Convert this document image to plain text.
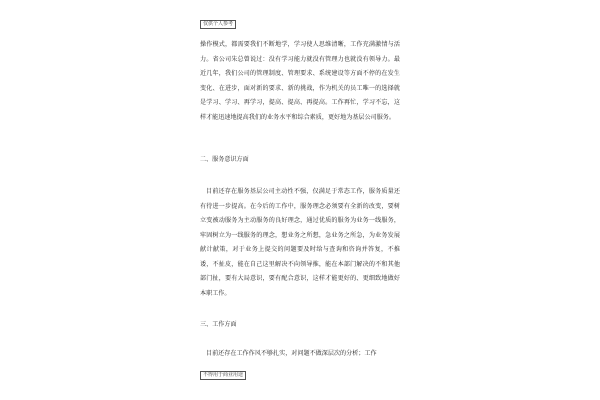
仅供个人参考

操作模式，都需要我们不断地学，学习使人思维清晰，工作充满激情与活力。省公司朱总曾说过：没有学习能力就没有管理力也就没有领导力。最近几年，我们公司的管理制度、管理要求、系统建设等方面不停的在发生变化、在进步，面对新的要求、新的挑战，作为机关的员工唯一的选择就是学习、学习、再学习，提高、提高、再提高。工作再忙，学习不忘，这样才能迅速地提高我们的业务水平和综合素质，更好地为基层公司服务。

二、服务意识方面

目前还存在服务基层公司主动性不强，仅满足于常态工作，服务质量还有待进一步提高。在今后的工作中，服务理念必须要有全新的改变，要树立变被动服务为主动服务的良好理念，通过优质的服务为业务一线服务，牢固树立为一线服务的理念，想业务之所想，急业务之所急，为业务发展献计献策，对于业务上提交的问题要及时给与查询和咨询并答复，不推诿，不扯皮，能在自己这里解决不向领导推，能在本部门解决的不和其他部门扯，要有大局意识，要有配合意识，这样才能更好的、更细致地做好本职工作。

三、工作方面

目前还存在工作作风不够扎实，对问题不做深层次的分析；工作

不得用于商业用途
